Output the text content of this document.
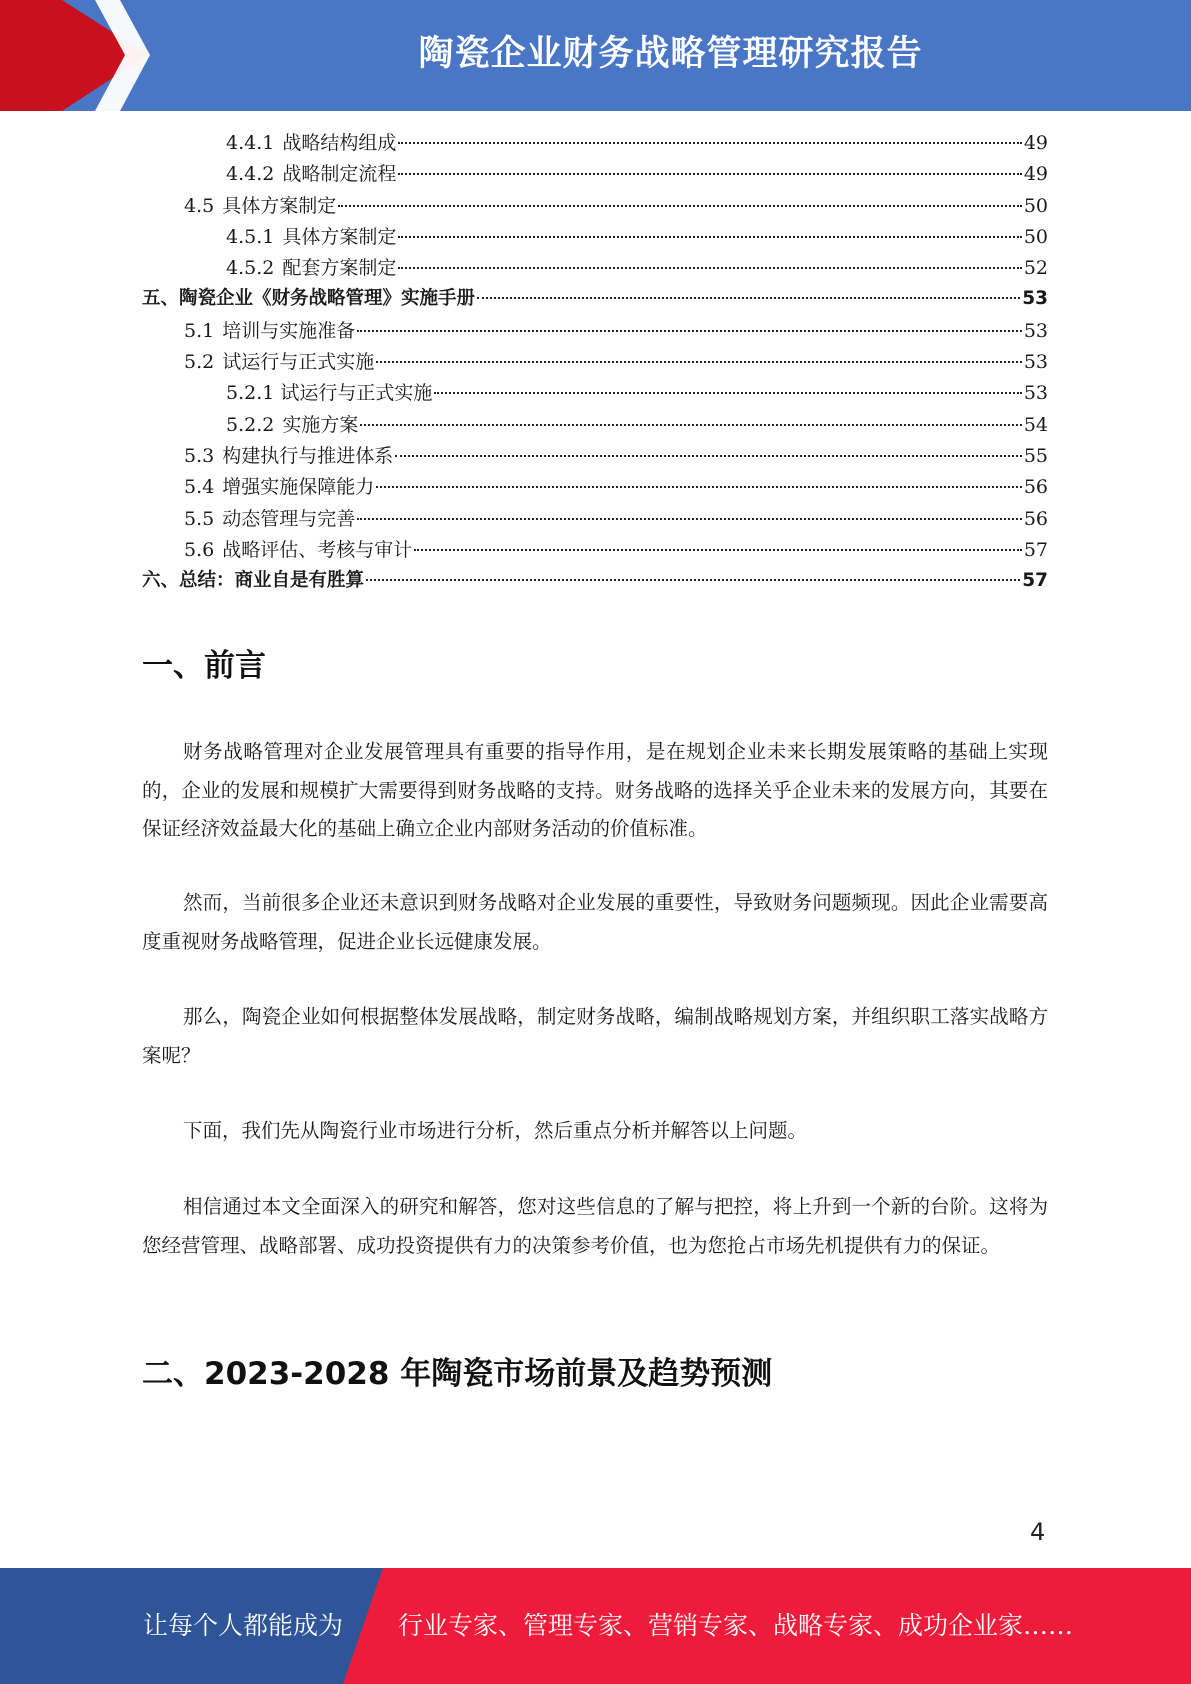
陶瓷企业财务战略管理研究报告
4.4.1 战略结构组成	49
4.4.2 战略制定流程	49
4.5 具体方案制定	50
4.5.1 具体方案制定	50
4.5.2 配套方案制定	52
五、陶瓷企业《财务战略管理》实施手册	53
5.1 培训与实施准备	53
5.2 试运行与正式实施	53
5.2.1 试运行与正式实施	53
5.2.2 实施方案	54
5.3 构建执行与推进体系	55
5.4 增强实施保障能力	56
5.5 动态管理与完善	56
5.6 战略评估、考核与审计	57
六、总结：商业自是有胜算	57
一、前言
财务战略管理对企业发展管理具有重要的指导作用，是在规划企业未来长期发展策略的基础上实现的，企业的发展和规模扩大需要得到财务战略的支持。财务战略的选择关乎企业未来的发展方向，其要在保证经济效益最大化的基础上确立企业内部财务活动的价值标准。
然而，当前很多企业还未意识到财务战略对企业发展的重要性，导致财务问题频现。因此企业需要高度重视财务战略管理，促进企业长远健康发展。
那么，陶瓷企业如何根据整体发展战略，制定财务战略，编制战略规划方案，并组织职工落实战略方案呢？
下面，我们先从陶瓷行业市场进行分析，然后重点分析并解答以上问题。
相信通过本文全面深入的研究和解答，您对这些信息的了解与把控，将上升到一个新的台阶。这将为您经营管理、战略部署、成功投资提供有力的决策参考价值，也为您抢占市场先机提供有力的保证。
二、2023-2028 年陶瓷市场前景及趋势预测
4
让每个人都能成为 行业专家、管理专家、营销专家、战略专家、成功企业家……
